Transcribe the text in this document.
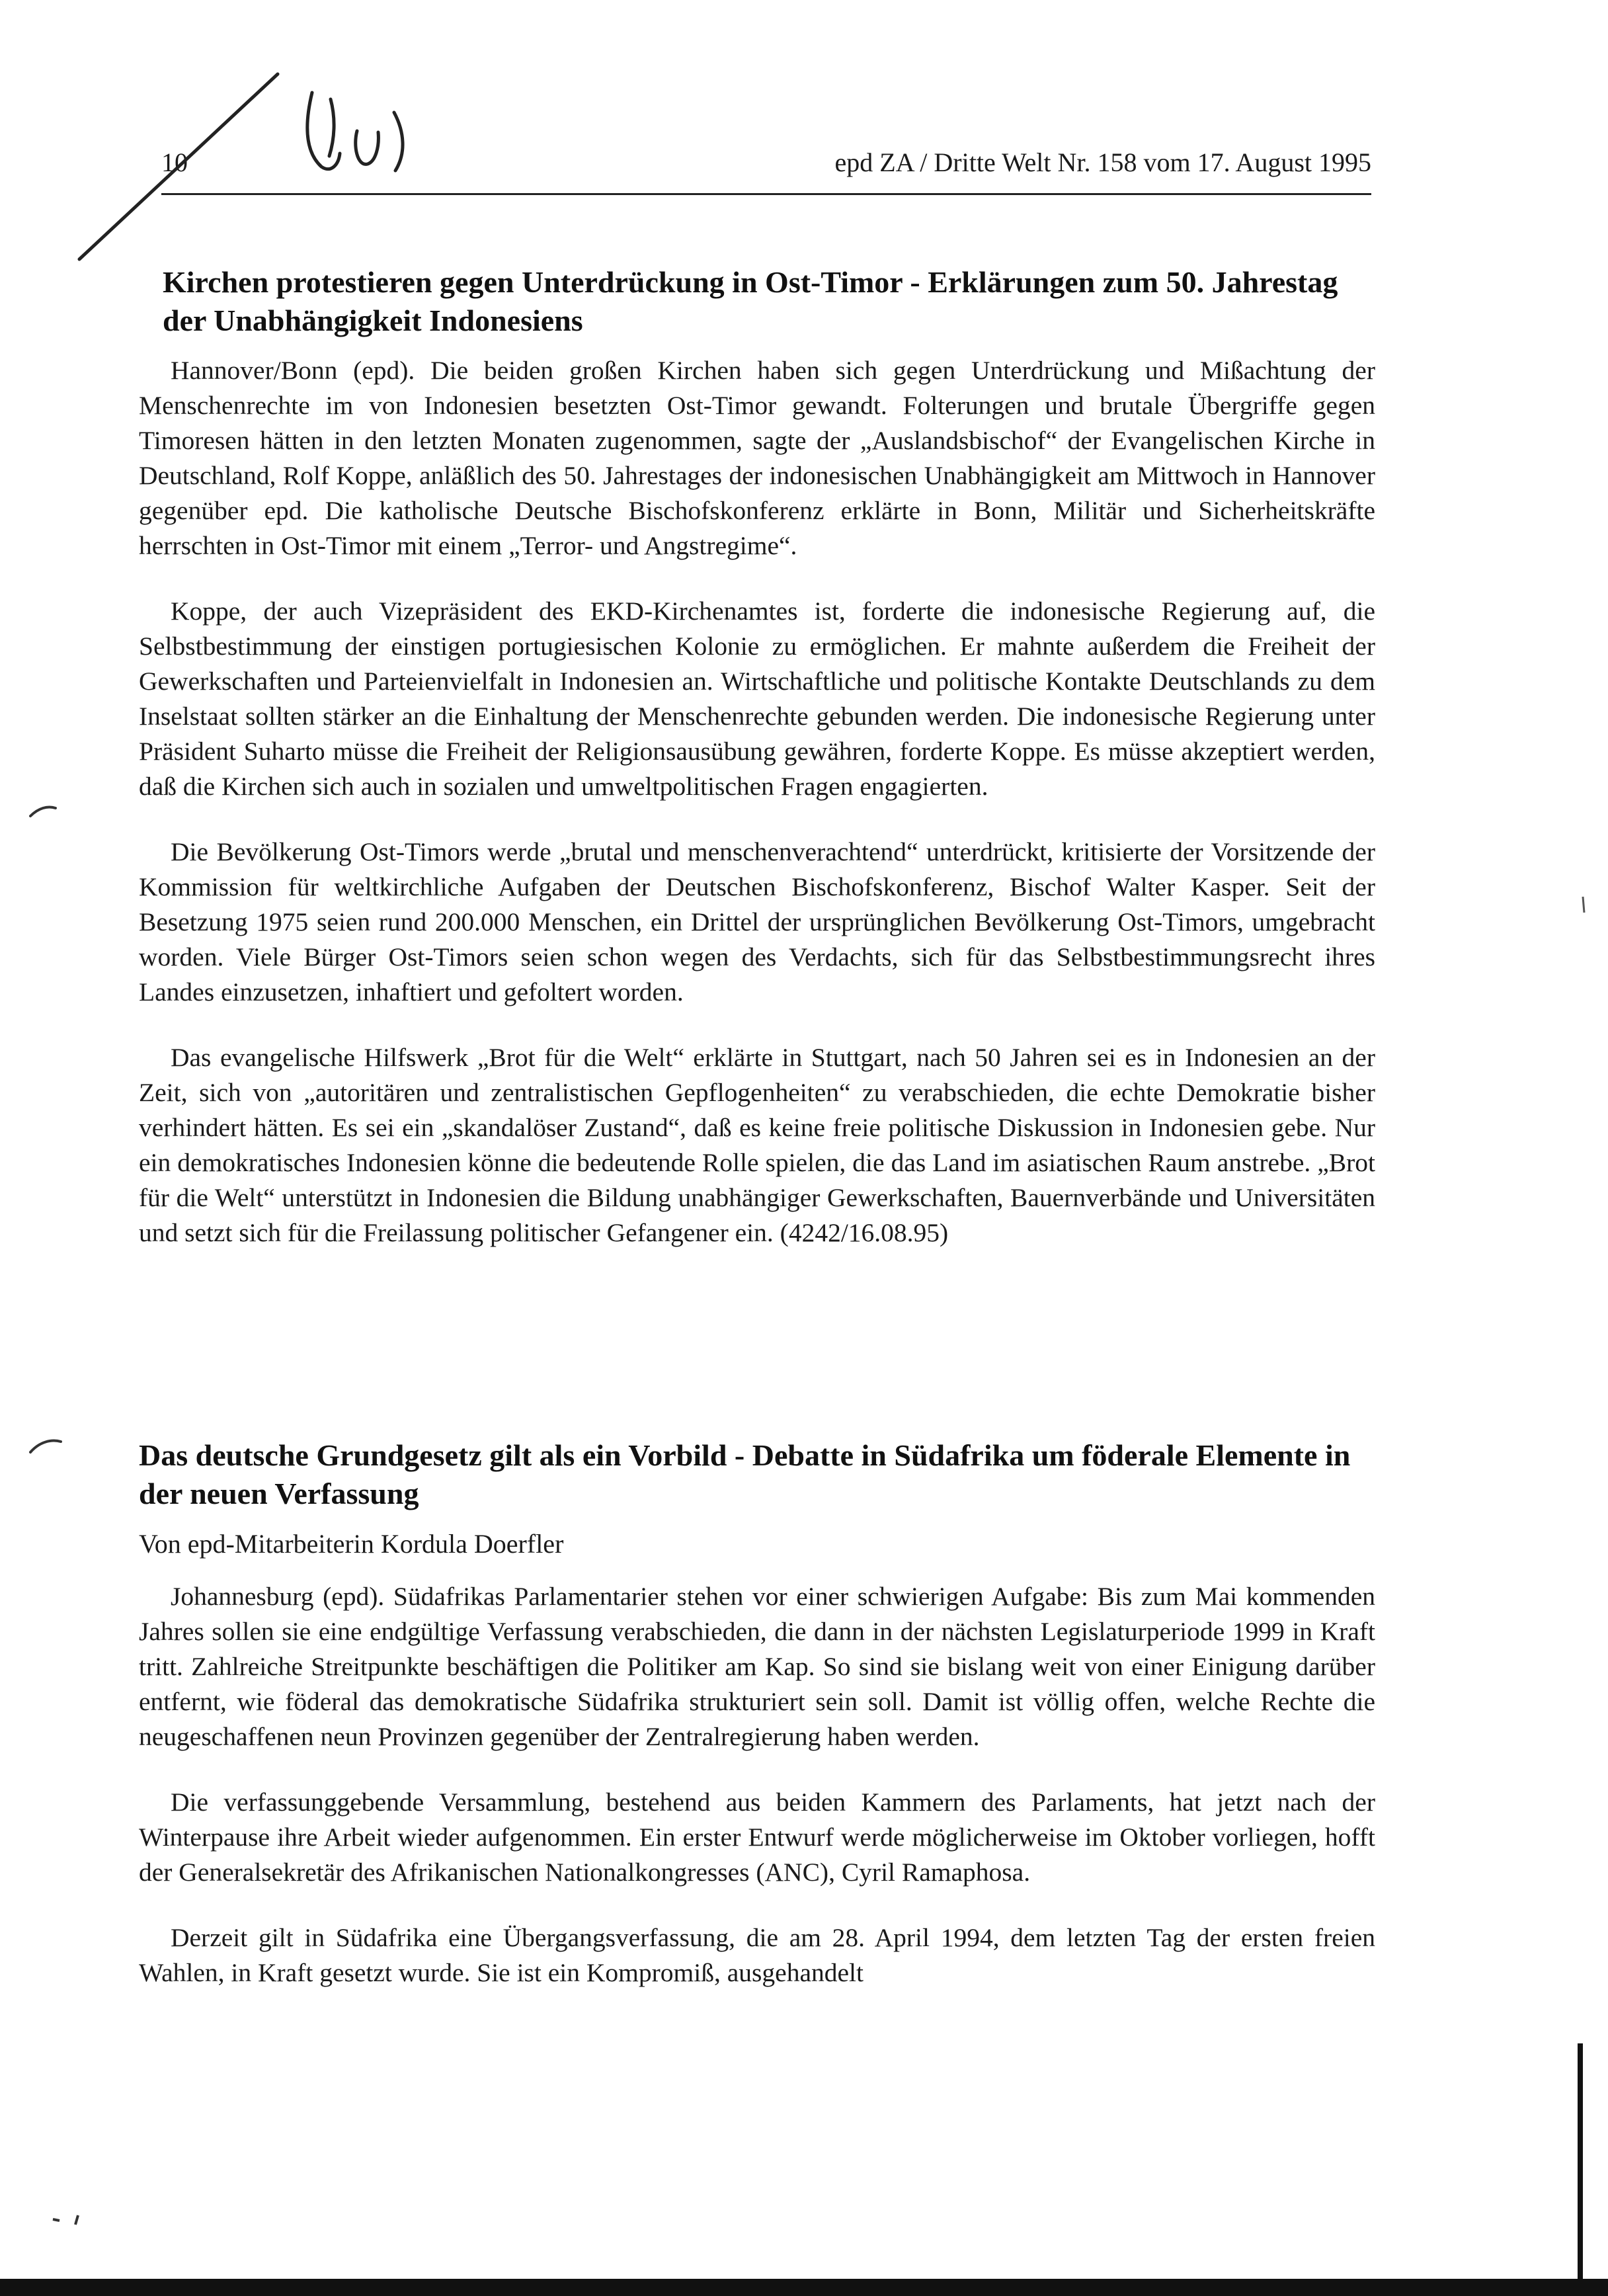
10	epd ZA / Dritte Welt Nr. 158 vom 17. August 1995
Kirchen protestieren gegen Unterdrückung in Ost-Timor - Erklärungen zum 50. Jahrestag der Unabhängigkeit Indonesiens

Hannover/Bonn (epd). Die beiden großen Kirchen haben sich gegen Unterdrückung und Mißachtung der Menschenrechte im von Indonesien besetzten Ost-Timor gewandt. Folterungen und brutale Übergriffe gegen Timoresen hätten in den letzten Monaten zugenommen, sagte der „Auslandsbischof“ der Evangelischen Kirche in Deutschland, Rolf Koppe, anläßlich des 50. Jahrestages der indonesischen Unabhängigkeit am Mittwoch in Hannover gegenüber epd. Die katholische Deutsche Bischofskonferenz erklärte in Bonn, Militär und Sicherheitskräfte herrschten in Ost-Timor mit einem „Terror- und Angstregime“.

Koppe, der auch Vizepräsident des EKD-Kirchenamtes ist, forderte die indonesische Regierung auf, die Selbstbestimmung der einstigen portugiesischen Kolonie zu ermöglichen. Er mahnte außerdem die Freiheit der Gewerkschaften und Parteienvielfalt in Indonesien an. Wirtschaftliche und politische Kontakte Deutschlands zu dem Inselstaat sollten stärker an die Einhaltung der Menschenrechte gebunden werden. Die indonesische Regierung unter Präsident Suharto müsse die Freiheit der Religionsausübung gewähren, forderte Koppe. Es müsse akzeptiert werden, daß die Kirchen sich auch in sozialen und umweltpolitischen Fragen engagierten.

Die Bevölkerung Ost-Timors werde „brutal und menschenverachtend“ unterdrückt, kritisierte der Vorsitzende der Kommission für weltkirchliche Aufgaben der Deutschen Bischofskonferenz, Bischof Walter Kasper. Seit der Besetzung 1975 seien rund 200.000 Menschen, ein Drittel der ursprünglichen Bevölkerung Ost-Timors, umgebracht worden. Viele Bürger Ost-Timors seien schon wegen des Verdachts, sich für das Selbstbestimmungsrecht ihres Landes einzusetzen, inhaftiert und gefoltert worden.

Das evangelische Hilfswerk „Brot für die Welt“ erklärte in Stuttgart, nach 50 Jahren sei es in Indonesien an der Zeit, sich von „autoritären und zentralistischen Gepflogenheiten“ zu verabschieden, die echte Demokratie bisher verhindert hätten. Es sei ein „skandalöser Zustand“, daß es keine freie politische Diskussion in Indonesien gebe. Nur ein demokratisches Indonesien könne die bedeutende Rolle spielen, die das Land im asiatischen Raum anstrebe. „Brot für die Welt“ unterstützt in Indonesien die Bildung unabhängiger Gewerkschaften, Bauernverbände und Universitäten und setzt sich für die Freilassung politischer Gefangener ein. (4242/16.08.95)

Das deutsche Grundgesetz gilt als ein Vorbild - Debatte in Südafrika um föderale Elemente in der neuen Verfassung
Von epd-Mitarbeiterin Kordula Doerfler

Johannesburg (epd). Südafrikas Parlamentarier stehen vor einer schwierigen Aufgabe: Bis zum Mai kommenden Jahres sollen sie eine endgültige Verfassung verabschieden, die dann in der nächsten Legislaturperiode 1999 in Kraft tritt. Zahlreiche Streitpunkte beschäftigen die Politiker am Kap. So sind sie bislang weit von einer Einigung darüber entfernt, wie föderal das demokratische Südafrika strukturiert sein soll. Damit ist völlig offen, welche Rechte die neugeschaffenen neun Provinzen gegenüber der Zentralregierung haben werden.

Die verfassunggebende Versammlung, bestehend aus beiden Kammern des Parlaments, hat jetzt nach der Winterpause ihre Arbeit wieder aufgenommen. Ein erster Entwurf werde möglicherweise im Oktober vorliegen, hofft der Generalsekretär des Afrikanischen Nationalkongresses (ANC), Cyril Ramaphosa.

Derzeit gilt in Südafrika eine Übergangsverfassung, die am 28. April 1994, dem letzten Tag der ersten freien Wahlen, in Kraft gesetzt wurde. Sie ist ein Kompromiß, ausgehandelt
